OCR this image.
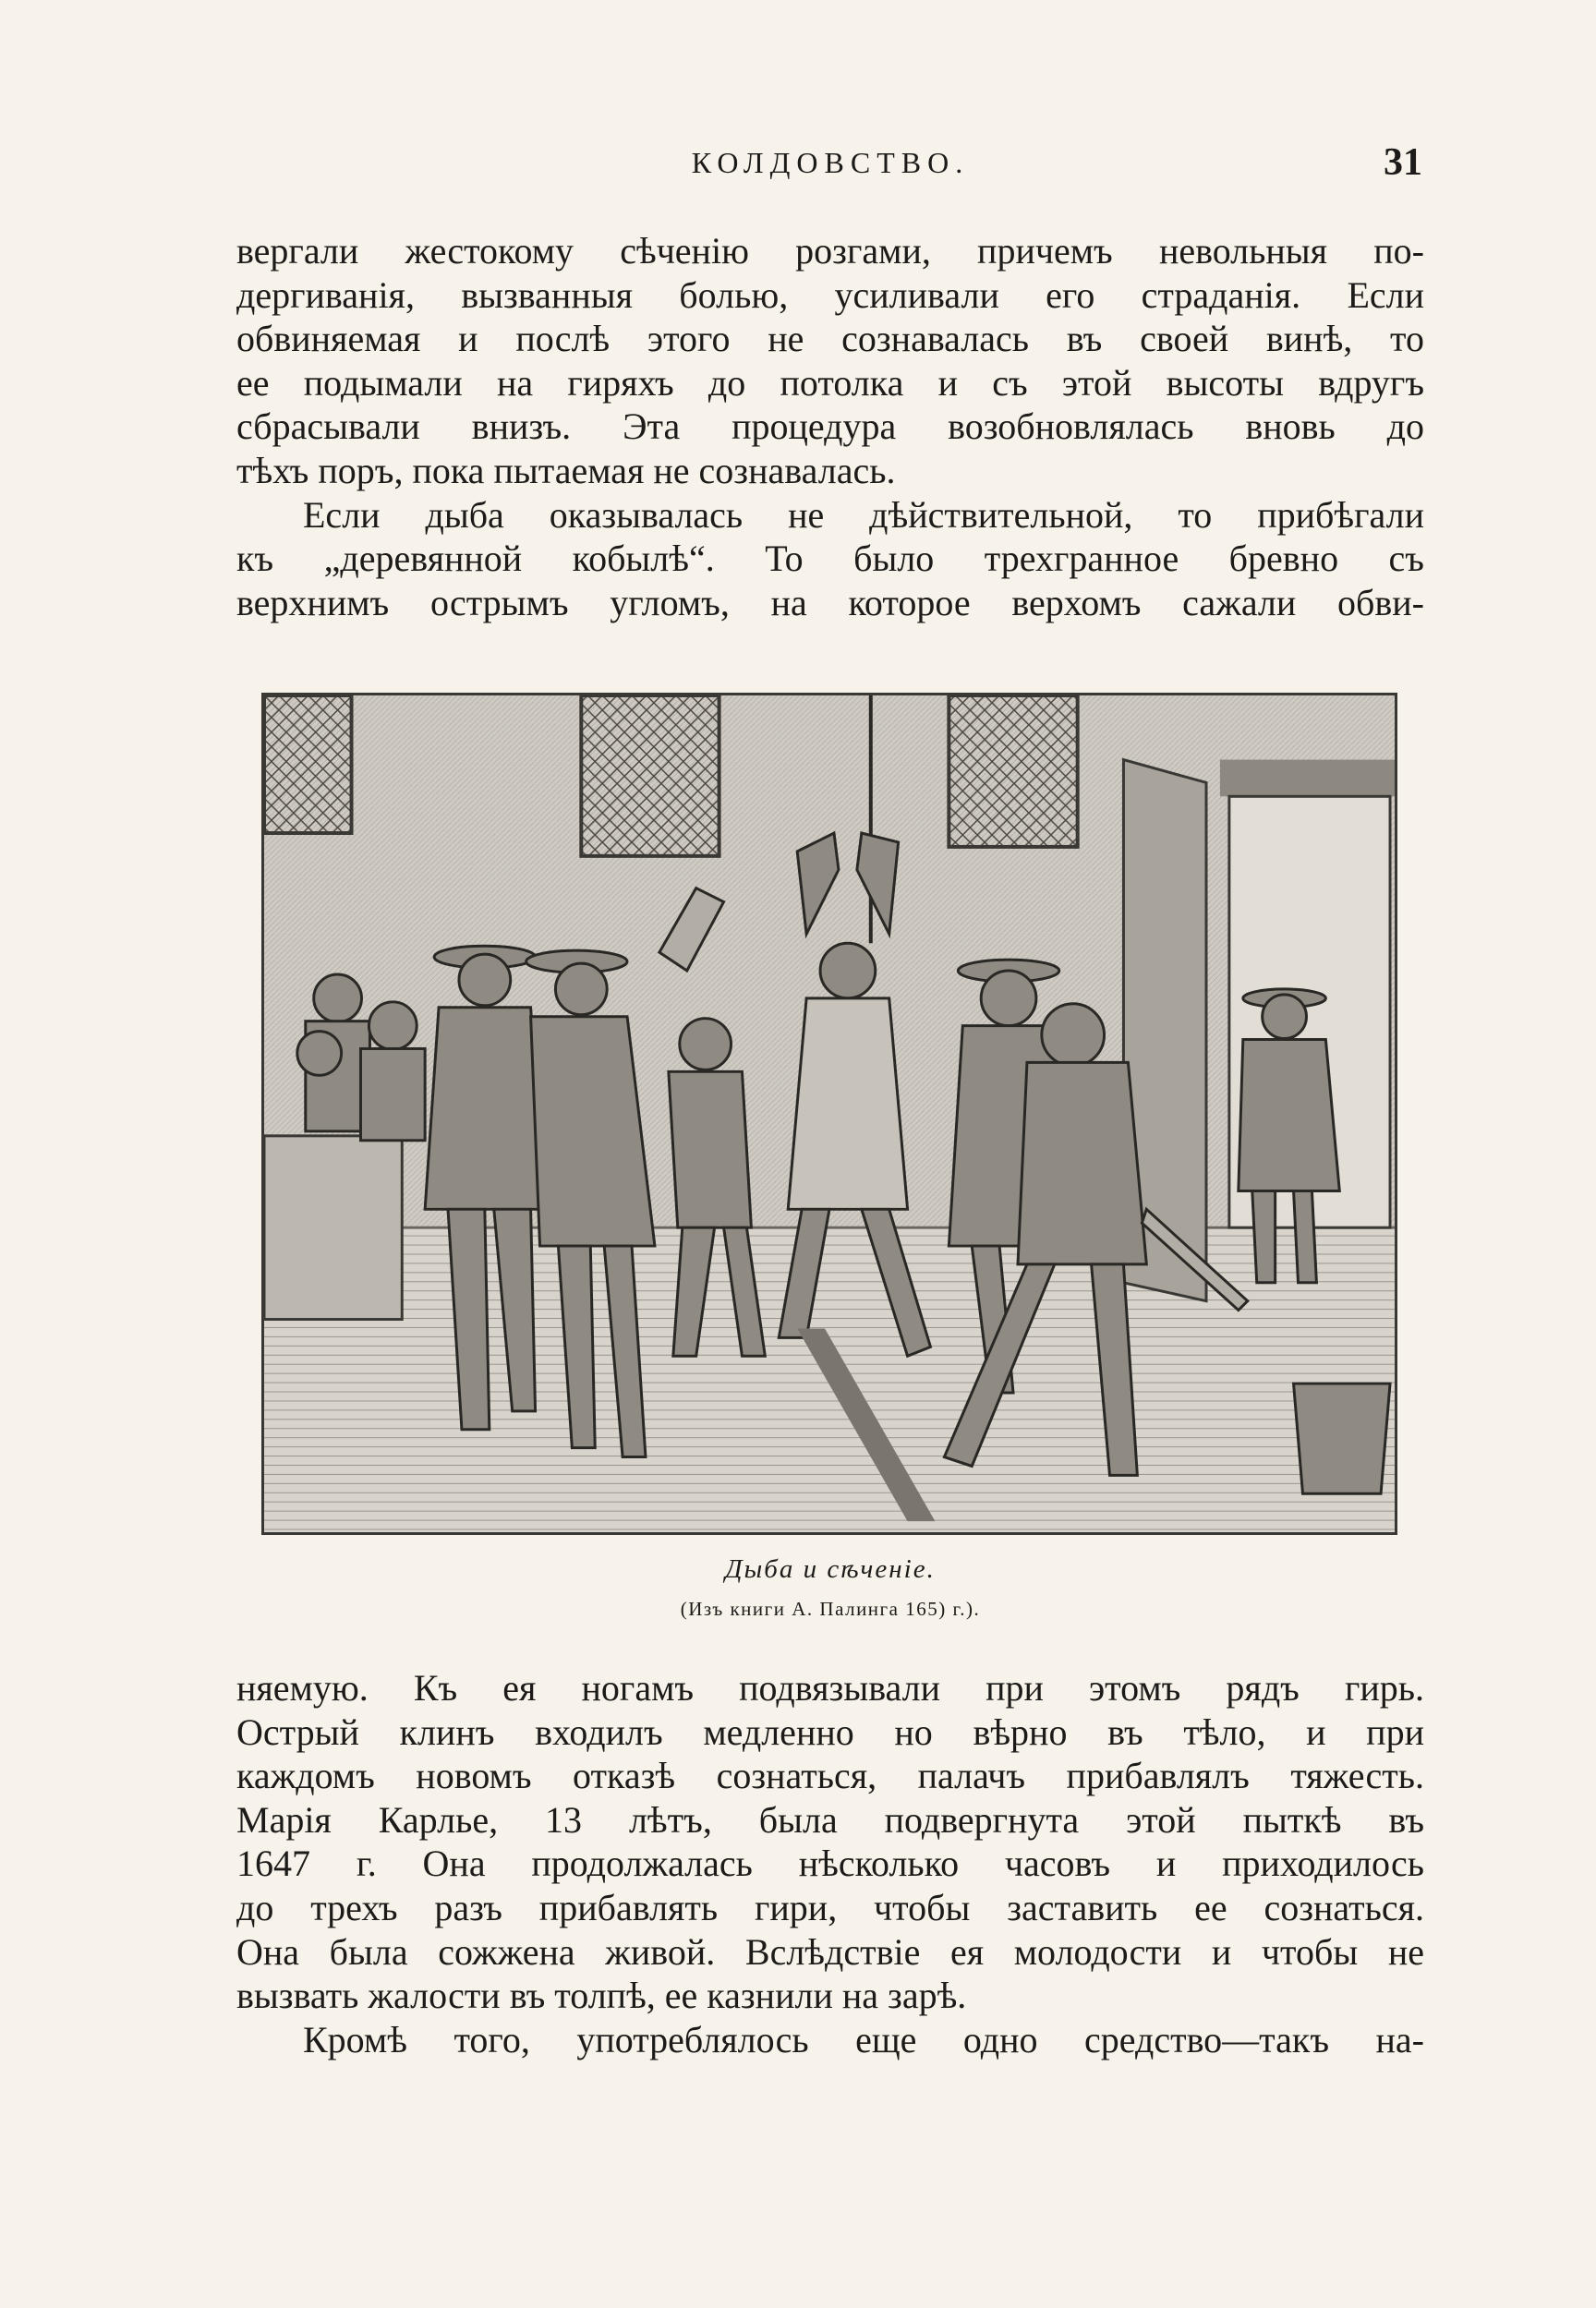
КОЛДОВСТВО.	31
вергали жестокому сѣченію розгами, причемъ невольныя по-
дергиванія, вызванныя болью, усиливали его страданія. Если
обвиняемая и послѣ этого не сознавалась въ своей винѣ, то
ее подымали на гиряхъ до потолка и съ этой высоты вдругъ
сбрасывали внизъ. Эта процедура возобновлялась вновь до
тѣхъ поръ, пока пытаемая не сознавалась.
Если дыба оказывалась не дѣйствительной, то прибѣгали
къ „деревянной кобылѣ“. То было трехгранное бревно съ
верхнимъ острымъ угломъ, на которое верхомъ сажали обви-
Дыба и сѣченіе.
(Изъ книги А. Палинга 165) г.).
няемую. Къ ея ногамъ подвязывали при этомъ рядъ гирь.
Острый клинъ входилъ медленно но вѣрно въ тѣло, и при
каждомъ новомъ отказѣ сознаться, палачъ прибавлялъ тяжесть.
Марія Карлье, 13 лѣтъ, была подвергнута этой пыткѣ въ
1647 г. Она продолжалась нѣсколько часовъ и приходилось
до трехъ разъ прибавлять гири, чтобы заставить ее сознаться.
Она была сожжена живой. Вслѣдствіе ея молодости и чтобы не
вызвать жалости въ толпѣ, ее казнили на зарѣ.
Кромѣ того, употреблялось еще одно средство—такъ на-
